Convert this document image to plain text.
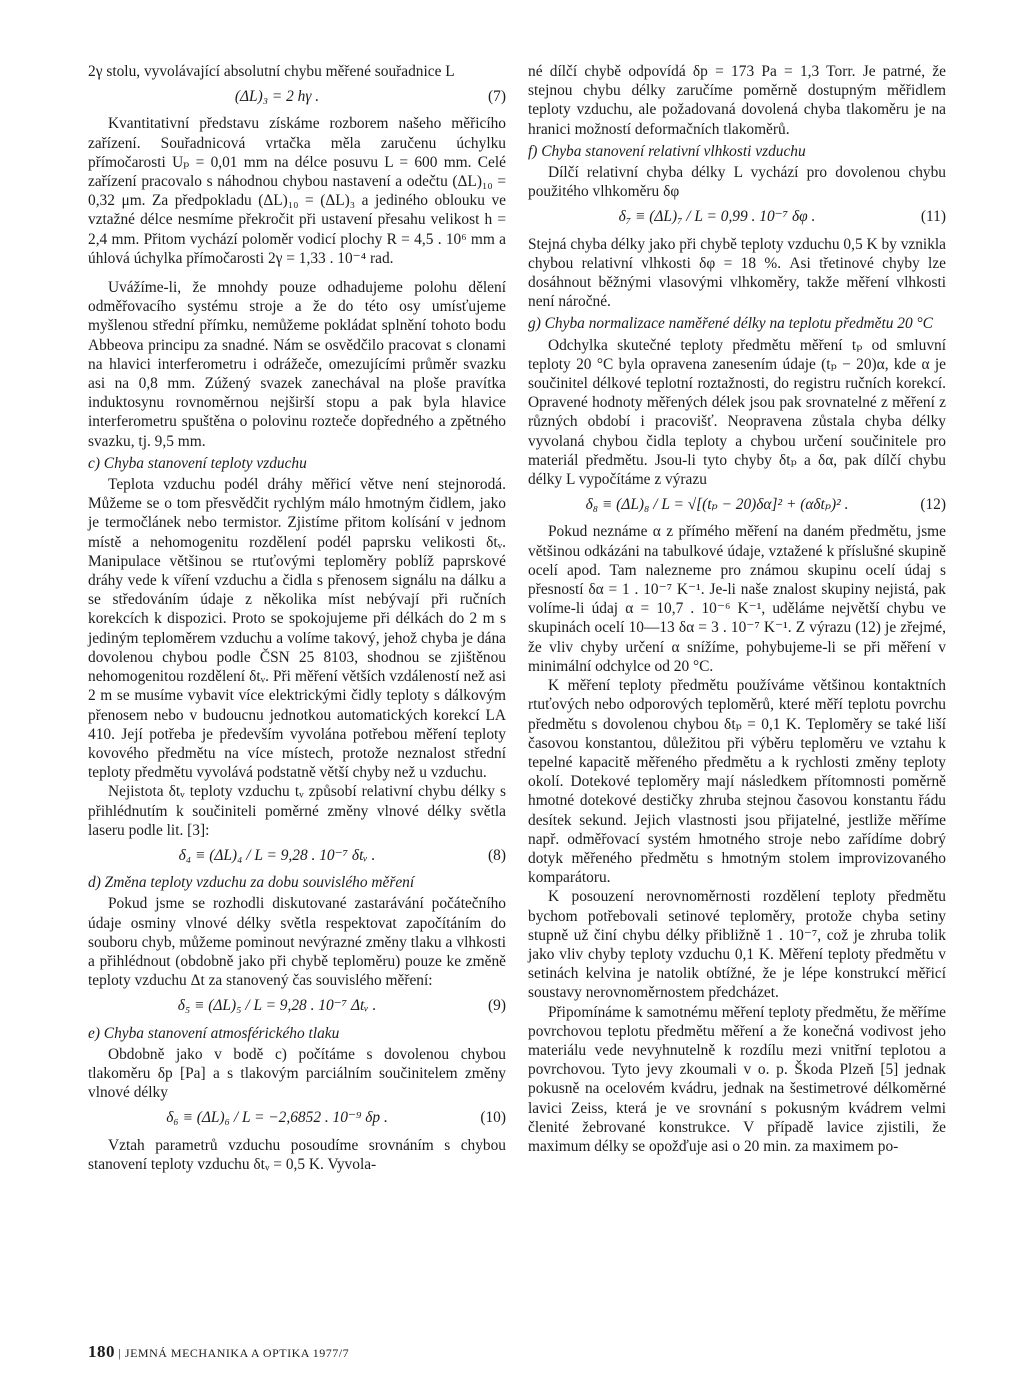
2γ stolu, vyvolávající absolutní chybu měřené souřadnice L

(ΔL)₃ = 2 hγ .	(7)

Kvantitativní představu získáme rozborem našeho měřicího zařízení. Souřadnicová vrtačka měla zaručenu úchylku přímočarosti Uₚ = 0,01 mm na délce posuvu L = 600 mm. Celé zařízení pracovalo s náhodnou chybou nastavení a odečtu (ΔL)₁₀ = 0,32 μm. Za předpokladu (ΔL)₁₀ = (ΔL)₃ a jediného oblouku ve vztažné délce nesmíme překročit při ustavení přesahu velikost h = 2,4 mm. Přitom vychází poloměr vodicí plochy R = 4,5 . 10⁶ mm a úhlová úchylka přímočarosti 2γ = 1,33 . 10⁻⁴ rad.

Uvážíme-li, že mnohdy pouze odhadujeme polohu dělení odměřovacího systému stroje a že do této osy umísťujeme myšlenou střední přímku, nemůžeme pokládat splnění tohoto bodu Abbeova principu za snadné. Nám se osvědčilo pracovat s clonami na hlavici interferometru i odrážeče, omezujícími průměr svazku asi na 0,8 mm. Zúžený svazek zanechával na ploše pravítka induktosynu rovnoměrnou nejširší stopu a pak byla hlavice interferometru spuštěna o polovinu rozteče dopředného a zpětného svazku, tj. 9,5 mm.

c) Chyba stanovení teploty vzduchu

Teplota vzduchu podél dráhy měřicí větve není stejnorodá. Můžeme se o tom přesvědčit rychlým málo hmotným čidlem, jako je termočlánek nebo termistor. Zjistíme přitom kolísání v jednom místě a nehomogenitu rozdělení podél paprsku velikosti δtᵥ. Manipulace většinou se rtuťovými teploměry poblíž paprskové dráhy vede k víření vzduchu a čidla s přenosem signálu na dálku a se středováním údaje z několika míst nebývají při ručních korekcích k dispozici. Proto se spokojujeme při délkách do 2 m s jediným teploměrem vzduchu a volíme takový, jehož chyba je dána dovolenou chybou podle ČSN 25 8103, shodnou se zjištěnou nehomogenitou rozdělení δtᵥ. Při měření větších vzdáleností než asi 2 m se musíme vybavit více elektrickými čidly teploty s dálkovým přenosem nebo v budoucnu jednotkou automatických korekcí LA 410. Její potřeba je především vyvolána potřebou měření teploty kovového předmětu na více místech, protože neznalost střední teploty předmětu vyvolává podstatně větší chyby než u vzduchu.

Nejistota δtᵥ teploty vzduchu tᵥ způsobí relativní chybu délky s přihlédnutím k součiniteli poměrné změny vlnové délky světla laseru podle lit. [3]:

δ₄ ≡ (ΔL)₄ / L = 9,28 . 10⁻⁷ δtᵥ .	(8)

d) Změna teploty vzduchu za dobu souvislého měření

Pokud jsme se rozhodli diskutované zastarávání počátečního údaje osminy vlnové délky světla respektovat započítáním do souboru chyb, můžeme pominout nevýrazné změny tlaku a vlhkosti a přihlédnout (obdobně jako při chybě teploměru) pouze ke změně teploty vzduchu Δt za stanovený čas souvislého měření:

δ₅ ≡ (ΔL)₅ / L = 9,28 . 10⁻⁷ Δtᵥ .	(9)

e) Chyba stanovení atmosférického tlaku

Obdobně jako v bodě c) počítáme s dovolenou chybou tlakoměru δp [Pa] a s tlakovým parciálním součinitelem změny vlnové délky

δ₆ ≡ (ΔL)₆ / L = −2,6852 . 10⁻⁹ δp .	(10)

Vztah parametrů vzduchu posoudíme srovnáním s chybou stanovení teploty vzduchu δtᵥ = 0,5 K. Vyvola-

né dílčí chybě odpovídá δp = 173 Pa = 1,3 Torr. Je patrné, že stejnou chybu délky zaručíme poměrně dostupným měřidlem teploty vzduchu, ale požadovaná dovolená chyba tlakoměru je na hranici možností deformačních tlakoměrů.

f) Chyba stanovení relativní vlhkosti vzduchu

Dílčí relativní chyba délky L vychází pro dovolenou chybu použitého vlhkoměru δφ

δ₇ ≡ (ΔL)₇ / L = 0,99 . 10⁻⁷ δφ .	(11)

Stejná chyba délky jako při chybě teploty vzduchu 0,5 K by vznikla chybou relativní vlhkosti δφ = 18 %. Asi třetinové chyby lze dosáhnout běžnými vlasovými vlhkoměry, takže měření vlhkosti není náročné.

g) Chyba normalizace naměřené délky na teplotu předmětu 20 °C

Odchylka skutečné teploty předmětu měření tₚ od smluvní teploty 20 °C byla opravena zanesením údaje (tₚ − 20)α, kde α je součinitel délkové teplotní roztažnosti, do registru ručních korekcí. Opravené hodnoty měřených délek jsou pak srovnatelné z měření z různých období i pracovišť. Neopravena zůstala chyba délky vyvolaná chybou čidla teploty a chybou určení součinitele pro materiál předmětu. Jsou-li tyto chyby δtₚ a δα, pak dílčí chybu délky L vypočítáme z výrazu

δ₈ ≡ (ΔL)₈ / L = √[(tₚ − 20)δα]² + (αδtₚ)² .	(12)

Pokud neznáme α z přímého měření na daném předmětu, jsme většinou odkázáni na tabulkové údaje, vztažené k příslušné skupině ocelí apod. Tam nalezneme pro známou skupinu ocelí údaj s přesností δα = 1 . 10⁻⁷ K⁻¹. Je-li naše znalost skupiny nejistá, pak volíme-li údaj α = 10,7 . 10⁻⁶ K⁻¹, uděláme největší chybu ve skupinách ocelí 10—13 δα = 3 . 10⁻⁷ K⁻¹. Z výrazu (12) je zřejmé, že vliv chyby určení α snížíme, pohybujeme-li se při měření v minimální odchylce od 20 °C.

K měření teploty předmětu používáme většinou kontaktních rtuťových nebo odporových teploměrů, které měří teplotu povrchu předmětu s dovolenou chybou δtₚ = 0,1 K. Teploměry se také liší časovou konstantou, důležitou při výběru teploměru ve vztahu k tepelné kapacitě měřeného předmětu a k rychlosti změny teploty okolí. Dotekové teploměry mají následkem přítomnosti poměrně hmotné dotekové destičky zhruba stejnou časovou konstantu řádu desítek sekund. Jejich vlastnosti jsou přijatelné, jestliže měříme např. odměřovací systém hmotného stroje nebo zařídíme dobrý dotyk měřeného předmětu s hmotným stolem improvizovaného komparátoru.

K posouzení nerovnoměrnosti rozdělení teploty předmětu bychom potřebovali setinové teploměry, protože chyba setiny stupně už činí chybu délky přibližně 1 . 10⁻⁷, což je zhruba tolik jako vliv chyby teploty vzduchu 0,1 K. Měření teploty předmětu v setinách kelvina je natolik obtížné, že je lépe konstrukcí měřicí soustavy nerovnoměrnostem předcházet.

Připomínáme k samotnému měření teploty předmětu, že měříme povrchovou teplotu předmětu měření a že konečná vodivost jeho materiálu vede nevyhnutelně k rozdílu mezi vnitřní teplotou a povrchovou. Tyto jevy zkoumali v o. p. Škoda Plzeň [5] jednak pokusně na ocelovém kvádru, jednak na šestimetrové délkoměrné lavici Zeiss, která je ve srovnání s pokusným kvádrem velmi členité žebrované konstrukce. V případě lavice zjistili, že maximum délky se opožďuje asi o 20 min. za maximem po-

180 | JEMNÁ MECHANIKA A OPTIKA 1977/7
